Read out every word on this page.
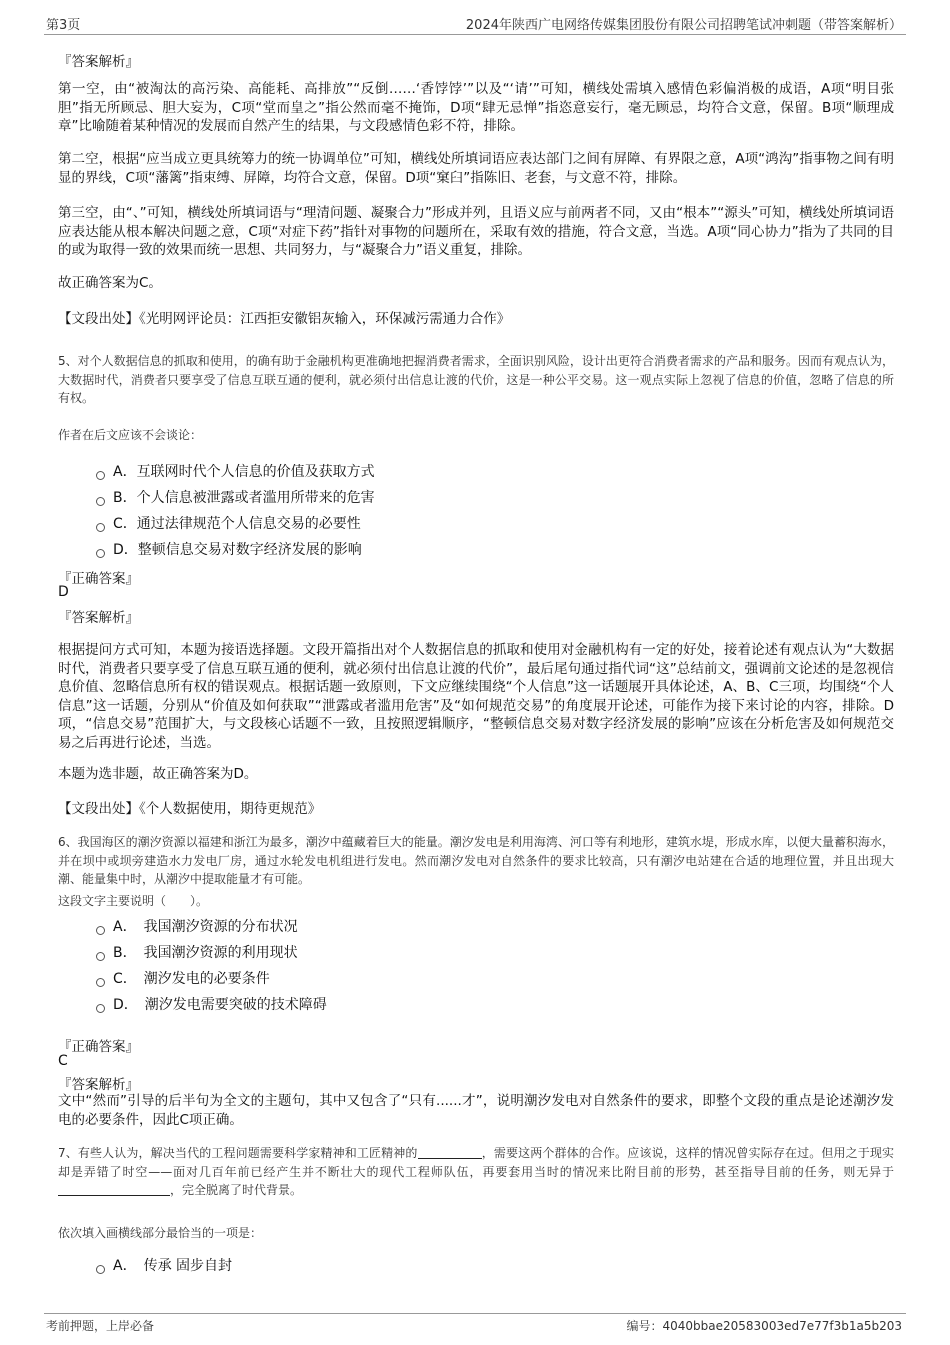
第3页	2024年陕西广电网络传媒集团股份有限公司招聘笔试冲刺题（带答案解析）
『答案解析』
第一空，由“被淘汰的高污染、高能耗、高排放”“反倒……‘香饽饽’”以及“‘请’”可知，横线处需填入感情色彩偏消极的成语，A项“明目张胆”指无所顾忌、胆大妄为，C项“堂而皇之”指公然而毫不掩饰，D项“肆无忌惮”指恣意妄行，毫无顾忌，均符合文意，保留。B项“顺理成章”比喻随着某种情况的发展而自然产生的结果，与文段感情色彩不符，排除。
第二空，根据“应当成立更具统筹力的统一协调单位”可知，横线处所填词语应表达部门之间有屏障、有界限之意，A项“鸿沟”指事物之间有明显的界线，C项“藩篱”指束缚、屏障，均符合文意，保留。D项“窠臼”指陈旧、老套，与文意不符，排除。
第三空，由“、”可知，横线处所填词语与“理清问题、凝聚合力”形成并列，且语义应与前两者不同，又由“根本”“源头”可知，横线处所填词语应表达能从根本解决问题之意，C项“对症下药”指针对事物的问题所在，采取有效的措施，符合文意，当选。A项“同心协力”指为了共同的目的或为取得一致的效果而统一思想、共同努力，与“凝聚合力”语义重复，排除。
故正确答案为C。
【文段出处】《光明网评论员：江西拒安徽铝灰输入，环保减污需通力合作》
5、对个人数据信息的抓取和使用，的确有助于金融机构更准确地把握消费者需求，全面识别风险，设计出更符合消费者需求的产品和服务。因而有观点认为，大数据时代，消费者只要享受了信息互联互通的便利，就必须付出信息让渡的代价，这是一种公平交易。这一观点实际上忽视了信息的价值，忽略了信息的所有权。
作者在后文应该不会谈论：
A．互联网时代个人信息的价值及获取方式
B．个人信息被泄露或者滥用所带来的危害
C．通过法律规范个人信息交易的必要性
D．整顿信息交易对数字经济发展的影响
『正确答案』
D
『答案解析』
根据提问方式可知，本题为接语选择题。文段开篇指出对个人数据信息的抓取和使用对金融机构有一定的好处，接着论述有观点认为“大数据时代，消费者只要享受了信息互联互通的便利，就必须付出信息让渡的代价”，最后尾句通过指代词“这”总结前文，强调前文论述的是忽视信息价值、忽略信息所有权的错误观点。根据话题一致原则，下文应继续围绕“个人信息”这一话题展开具体论述，A、B、C三项，均围绕“个人信息”这一话题，分别从“价值及如何获取”“泄露或者滥用危害”及“如何规范交易”的角度展开论述，可能作为接下来讨论的内容，排除。D项，“信息交易”范围扩大，与文段核心话题不一致，且按照逻辑顺序，“整顿信息交易对数字经济发展的影响”应该在分析危害及如何规范交易之后再进行论述，当选。
本题为选非题，故正确答案为D。
【文段出处】《个人数据使用，期待更规范》
6、我国海区的潮汐资源以福建和浙江为最多，潮汐中蕴藏着巨大的能量。潮汐发电是利用海湾、河口等有利地形，建筑水堤，形成水库，以便大量蓄积海水，并在坝中或坝旁建造水力发电厂房，通过水轮发电机组进行发电。然而潮汐发电对自然条件的要求比较高，只有潮汐电站建在合适的地理位置，并且出现大潮、能量集中时，从潮汐中提取能量才有可能。
这段文字主要说明（　　）。
A．　我国潮汐资源的分布状况
B．　我国潮汐资源的利用现状
C．　潮汐发电的必要条件
D．　潮汐发电需要突破的技术障碍
『正确答案』
C
『答案解析』
文中“然而”引导的后半句为全文的主题句，其中又包含了“只有......才”，说明潮汐发电对自然条件的要求，即整个文段的重点是论述潮汐发电的必要条件，因此C项正确。
7、有些人认为，解决当代的工程问题需要科学家精神和工匠精神的	，需要这两个群体的合作。应该说，这样的情况曾实际存在过。但用之于现实却是弄错了时空——面对几百年前已经产生并不断壮大的现代工程师队伍，再要套用当时的情况来比附目前的形势，甚至指导目前的任务，则无异于，完全脱离了时代背景。
依次填入画横线部分最恰当的一项是：
A．　传承 固步自封
考前押题，上岸必备	编号：4040bbae20583003ed7e77f3b1a5b203
